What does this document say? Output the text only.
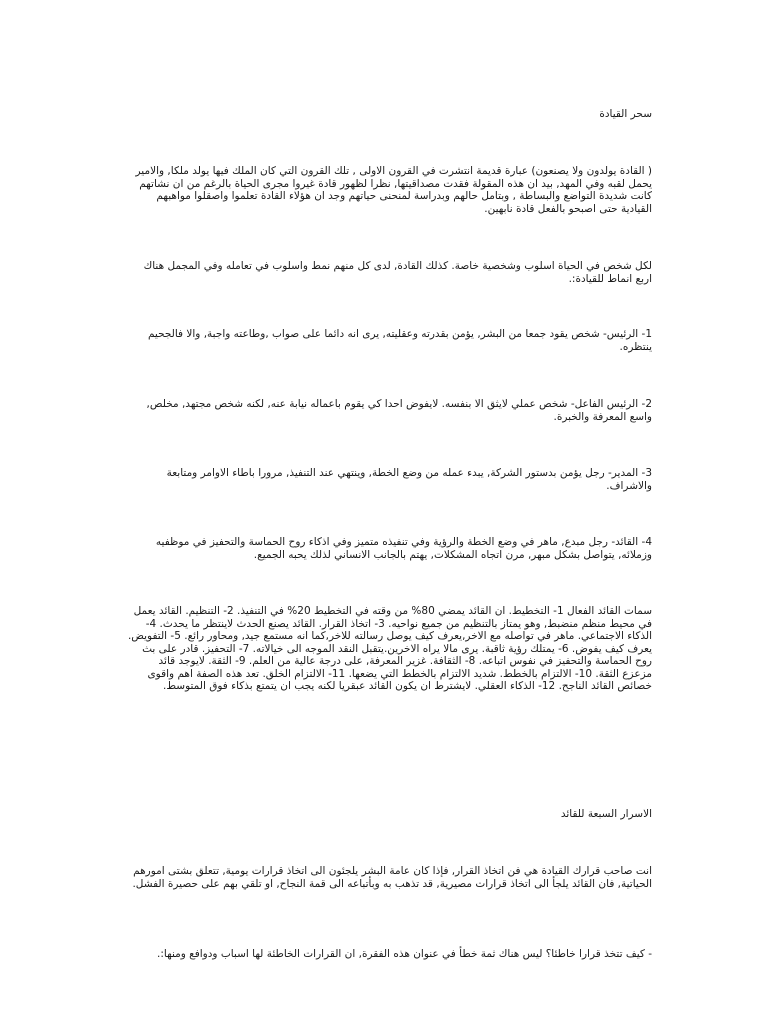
سحر القيادة

( القادة يولدون ولا يصنعون) عبارة قديمة انتشرت في القرون الاولى , تلك القرون التي كان الملك فيها يولد ملكا, والامير يحمل لقبه وفي المهد, بيد ان هذه المقولة فقدت مصداقيتها, نظرا لظهور قادة غيروا مجرى الحياة بالرغم من ان نشاتهم كانت شديدة التواضع والبساطة , وبتامل حالهم وبدراسة لمنحنى حياتهم وجد ان هؤلاء القادة تعلموا واصقلوا مواهبهم القيادية حتى اصبحو بالفعل قادة نابهين.

لكل شخص في الحياة اسلوب وشخصية خاصة. كذلك القادة, لدى كل منهم نمط واسلوب في تعامله وفي المجمل هناك اربع انماط للقيادة:.

1- الرئيس- شخص يقود جمعا من البشر, يؤمن بقدرته وعقليته, يرى انه دائما على صواب ,وطاعته واجبة, والا فالجحيم ينتظره.

2- الرئيس الفاعل- شخص عملي لايثق الا بنفسه. لايفوض احدا كي يقوم باعماله نيابة عنه, لكنه شخص مجتهد, مخلص, واسع المعرفة والخبرة.

3- المدير- رجل يؤمن بدستور الشركة, يبدء عمله من وضع الخطة, وينتهي عند التنفيذ, مرورا باطاء الاوامر ومتابعة والاشراف.

4- القائد- رجل مبدع, ماهر في وضع الخطة والرؤية وفي تنفيذه متميز وفي اذكاء روح الحماسة والتحفيز في موظفيه وزملائه, يتواصل بشكل مبهر, مرن اتجاه المشكلات, يهتم بالجانب الانساني لذلك يحبه الجميع.

سمات القائد الفعال 1- التخطيط. ان القائد يمضي 80% من وقته في التخطيط 20% في التنفيذ. 2- التنظيم. القائد يعمل في محيط منظم منضبط, وهو يمتاز بالتنظيم من جميع نواحيه. 3- اتخاذ القرار. القائد يصنع الحدث لاينتظر ما يحدث. 4- الذكاء الاجتماعي. ماهر في تواصله مع الاخر,يعرف كيف يوصل رسالته للاخر,كما انه مستمع جيد, ومحاور رائع. 5- التفويض. يعرف كيف يفوض. 6- يمتلك رؤية ثاقبة. يرى مالا يراه الاخرين.يتقبل النقد الموجه الى خيالاته. 7- التحفيز. قادر على بث روح الحماسة والتحفيز في نفوس اتباعه. 8- الثقافة. غزير المعرفة, على درجة عالية من العلم. 9- الثقة. لايوجد قائد مزعزع الثقة. 10- الالتزام بالخطط. شديد الالتزام بالخطط التي يضعها. 11- الالتزام الخلق. تعد هذه الصفة اهم واقوى خصائص القائد الناجح. 12- الذكاء العقلي. لايشترط ان يكون القائد عبقريا لكنه يجب ان يتمتع بذكاء فوق المتوسط.

الاسرار السبعة للقائد

انت صاحب قرارك القيادة هي فن اتخاذ القرار, فإذا كان عامة البشر يلجئون الى اتخاذ قرارات يومية, تتعلق بشتى امورهم الحياتية, فان القائد يلجأ الى اتخاذ قرارات مصيرية, قد تذهب به وبأتباعه الى قمة النجاح, او تلقي بهم على حصيرة الفشل.

- كيف تتخذ قرارا خاطئا؟ ليس هناك ثمة خطأ في عنوان هذه الفقرة, ان القرارات الخاطئة لها اسباب ودوافع ومنها:.
